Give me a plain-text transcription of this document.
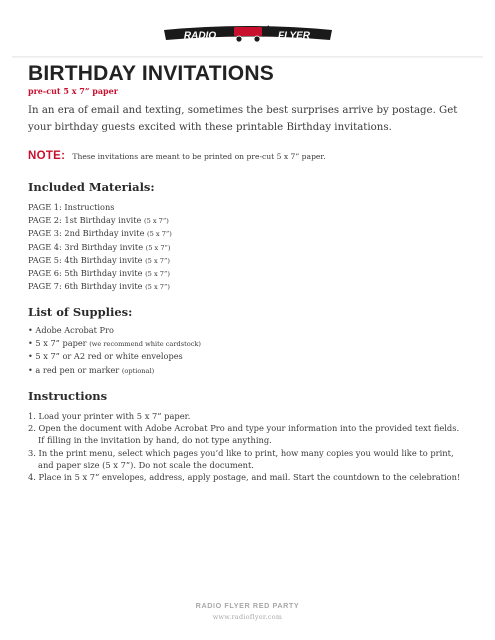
RADIO	FLYER
BIRTHDAY INVITATIONS
pre-cut 5 x 7” paper

In an era of email and texting, sometimes the best surprises arrive by postage. Get your birthday guests excited with these printable Birthday invitations.

NOTE: These invitations are meant to be printed on pre-cut 5 x 7” paper.
Included Materials:
PAGE 1: Instructions
PAGE 2: 1st Birthday invite (5 x 7”)
PAGE 3: 2nd Birthday invite (5 x 7”)
PAGE 4: 3rd Birthday invite (5 x 7”)
PAGE 5: 4th Birthday invite (5 x 7”)
PAGE 6: 5th Birthday invite (5 x 7”)
PAGE 7: 6th Birthday invite (5 x 7”)
List of Supplies:
• Adobe Acrobat Pro
• 5 x 7” paper (we recommend white cardstock)
• 5 x 7” or A2 red or white envelopes
• a red pen or marker (optional)
Instructions
1. Load your printer with 5 x 7” paper.
2. Open the document with Adobe Acrobat Pro and type your information into the provided text fields. If filling in the invitation by hand, do not type anything.
3. In the print menu, select which pages you’d like to print, how many copies you would like to print, and paper size (5 x 7”). Do not scale the document.
4. Place in 5 x 7” envelopes, address, apply postage, and mail. Start the countdown to the celebration!
RADIO FLYER RED PARTY
www.radioflyer.com
